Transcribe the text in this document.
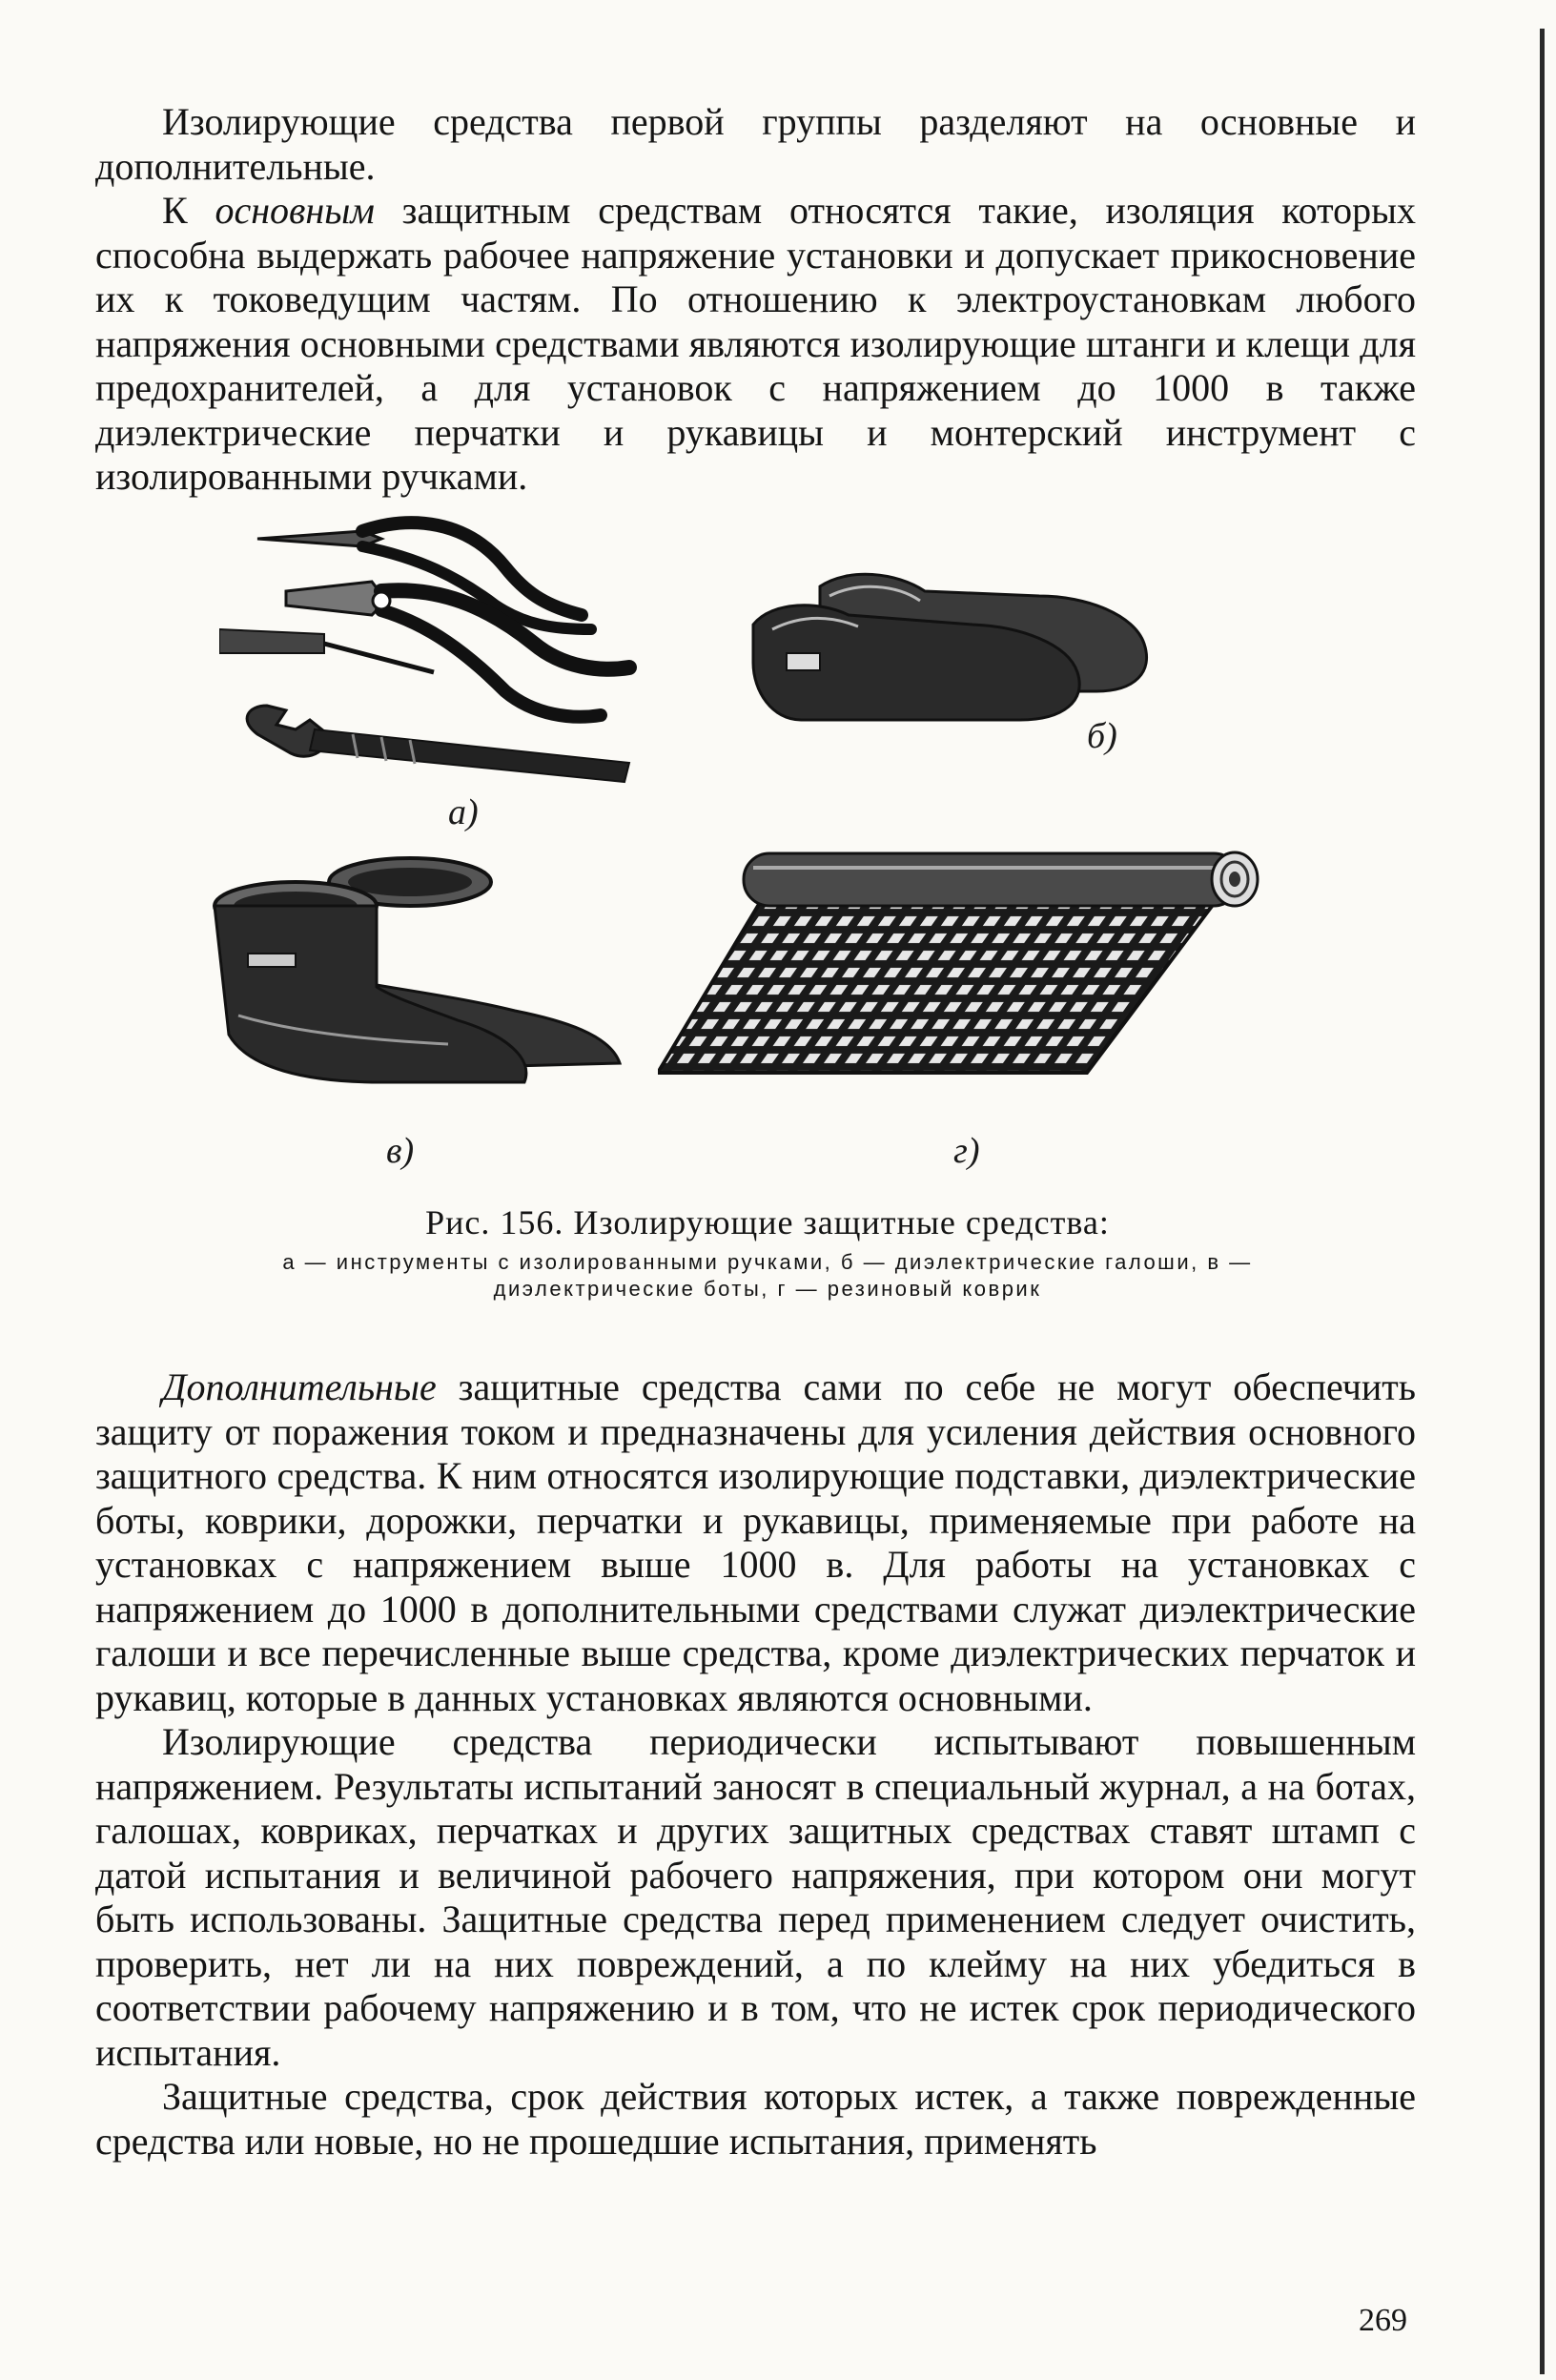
Изолирующие средства первой группы разделяют на основные и дополнительные.

К основным защитным средствам относятся такие, изоляция которых способна выдержать рабочее напряжение установки и допускает прикосновение их к токоведущим частям. По отношению к электроустановкам любого напряжения основными средствами являются изолирующие штанги и клещи для предохранителей, а для установок с напряжением до 1000 в также диэлектрические перчатки и рукавицы и монтерский инструмент с изолированными ручками.

а)
б)
в)	г)
Рис. 156. Изолирующие защитные средства:
а — инструменты с изолированными ручками, б — диэлектрические галоши, в — диэлектрические боты, г — резиновый коврик

Дополнительные защитные средства сами по себе не могут обеспечить защиту от поражения током и предназначены для усиления действия основного защитного средства. К ним относятся изолирующие подставки, диэлектрические боты, коврики, дорожки, перчатки и рукавицы, применяемые при работе на установках с напряжением выше 1000 в. Для работы на установках с напряжением до 1000 в дополнительными средствами служат диэлектрические галоши и все перечисленные выше средства, кроме диэлектрических перчаток и рукавиц, которые в данных установках являются основными.

Изолирующие средства периодически испытывают повышенным напряжением. Результаты испытаний заносят в специальный журнал, а на ботах, галошах, ковриках, перчатках и других защитных средствах ставят штамп с датой испытания и величиной рабочего напряжения, при котором они могут быть использованы. Защитные средства перед применением следует очистить, проверить, нет ли на них повреждений, а по клейму на них убедиться в соответствии рабочему напряжению и в том, что не истек срок периодического испытания.

Защитные средства, срок действия которых истек, а также поврежденные средства или новые, но не прошедшие испытания, применять

269
